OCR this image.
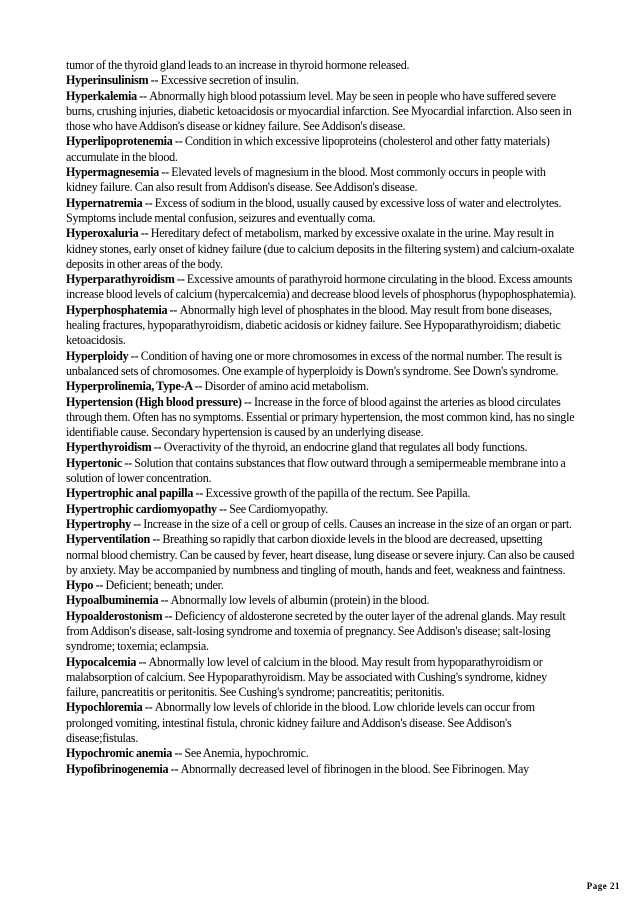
tumor of the thyroid gland leads to an increase in thyroid hormone released.

Hyperinsulinism -- Excessive secretion of insulin.

Hyperkalemia -- Abnormally high blood potassium level. May be seen in people who have suffered severe burns, crushing injuries, diabetic ketoacidosis or myocardial infarction. See Myocardial infarction. Also seen in those who have Addison's disease or kidney failure. See Addison's disease.

Hyperlipoprotenemia -- Condition in which excessive lipoproteins (cholesterol and other fatty materials) accumulate in the blood.

Hypermagnesemia -- Elevated levels of magnesium in the blood. Most commonly occurs in people with kidney failure. Can also result from Addison's disease. See Addison's disease.

Hypernatremia -- Excess of sodium in the blood, usually caused by excessive loss of water and electrolytes. Symptoms include mental confusion, seizures and eventually coma.

Hyperoxaluria -- Hereditary defect of metabolism, marked by excessive oxalate in the urine. May result in kidney stones, early onset of kidney failure (due to calcium deposits in the filtering system) and calcium-oxalate deposits in other areas of the body.

Hyperparathyroidism -- Excessive amounts of parathyroid hormone circulating in the blood. Excess amounts increase blood levels of calcium (hypercalcemia) and decrease blood levels of phosphorus (hypophosphatemia).

Hyperphosphatemia -- Abnormally high level of phosphates in the blood. May result from bone diseases, healing fractures, hypoparathyroidism, diabetic acidosis or kidney failure. See Hypoparathyroidism; diabetic ketoacidosis.

Hyperploidy -- Condition of having one or more chromosomes in excess of the normal number. The result is unbalanced sets of chromosomes. One example of hyperploidy is Down's syndrome. See Down's syndrome.

Hyperprolinemia, Type-A -- Disorder of amino acid metabolism.

Hypertension (High blood pressure) -- Increase in the force of blood against the arteries as blood circulates through them. Often has no symptoms. Essential or primary hypertension, the most common kind, has no single identifiable cause. Secondary hypertension is caused by an underlying disease.

Hyperthyroidism -- Overactivity of the thyroid, an endocrine gland that regulates all body functions.

Hypertonic -- Solution that contains substances that flow outward through a semipermeable membrane into a solution of lower concentration.

Hypertrophic anal papilla -- Excessive growth of the papilla of the rectum. See Papilla.

Hypertrophic cardiomyopathy -- See Cardiomyopathy.

Hypertrophy -- Increase in the size of a cell or group of cells. Causes an increase in the size of an organ or part.

Hyperventilation -- Breathing so rapidly that carbon dioxide levels in the blood are decreased, upsetting normal blood chemistry. Can be caused by fever, heart disease, lung disease or severe injury. Can also be caused by anxiety. May be accompanied by numbness and tingling of mouth, hands and feet, weakness and faintness.

Hypo -- Deficient; beneath; under.

Hypoalbuminemia -- Abnormally low levels of albumin (protein) in the blood.

Hypoalderostonism -- Deficiency of aldosterone secreted by the outer layer of the adrenal glands. May result from Addison's disease, salt-losing syndrome and toxemia of pregnancy. See Addison's disease; salt-losing syndrome; toxemia; eclampsia.

Hypocalcemia -- Abnormally low level of calcium in the blood. May result from hypoparathyroidism or malabsorption of calcium. See Hypoparathyroidism. May be associated with Cushing's syndrome, kidney failure, pancreatitis or peritonitis. See Cushing's syndrome; pancreatitis; peritonitis.

Hypochloremia -- Abnormally low levels of chloride in the blood. Low chloride levels can occur from prolonged vomiting, intestinal fistula, chronic kidney failure and Addison's disease. See Addison's disease;fistulas.

Hypochromic anemia -- See Anemia, hypochromic.

Hypofibrinogenemia -- Abnormally decreased level of fibrinogen in the blood. See Fibrinogen. May

Page 21
